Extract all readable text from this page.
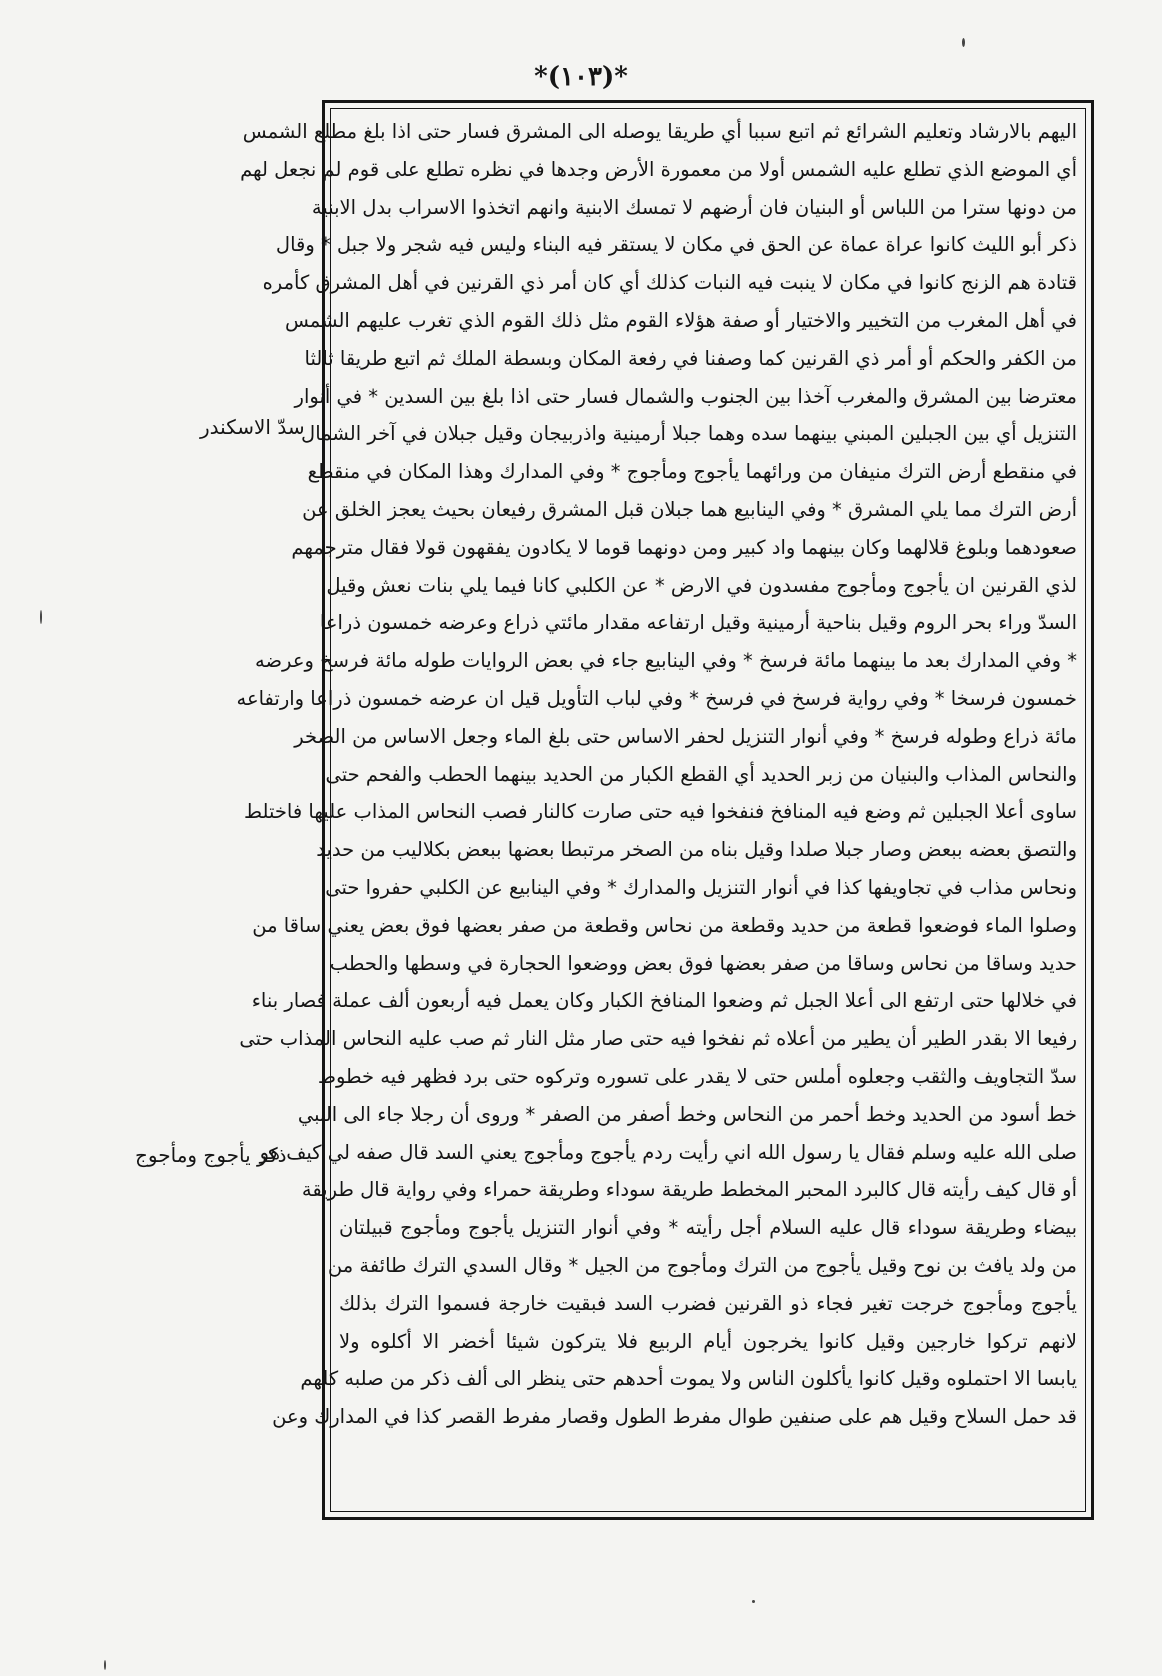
*(١٠٣)*
سدّ الاسكندر
ذكر يأجوج ومأجوج
اليهم بالارشاد وتعليم الشرائع ثم اتبع سببا أي طريقا يوصله الى المشرق فسار حتى اذا بلغ مطلع الشمس
أي الموضع الذي تطلع عليه الشمس أولا من معمورة الأرض وجدها في نظره تطلع على قوم لم نجعل لهم
من دونها سترا من اللباس أو البنيان فان أرضهم لا تمسك الابنية وانهم اتخذوا الاسراب بدل الابنية
ذكر أبو الليث كانوا عراة عماة عن الحق في مكان لا يستقر فيه البناء وليس فيه شجر ولا جبل * وقال
قتادة هم الزنج كانوا في مكان لا ينبت فيه النبات كذلك أي كان أمر ذي القرنين في أهل المشرق كأمره
في أهل المغرب من التخيير والاختيار أو صفة هؤلاء القوم مثل ذلك القوم الذي تغرب عليهم الشمس
من الكفر والحكم أو أمر ذي القرنين كما وصفنا في رفعة المكان وبسطة الملك ثم اتبع طريقا ثالثا
معترضا بين المشرق والمغرب آخذا بين الجنوب والشمال فسار حتى اذا بلغ بين السدين * في أنوار
التنزيل أي بين الجبلين المبني بينهما سده وهما جبلا أرمينية واذربيجان وقيل جبلان في آخر الشمال
في منقطع أرض الترك منيفان من ورائهما يأجوج ومأجوج * وفي المدارك وهذا المكان في منقطع
أرض الترك مما يلي المشرق * وفي الينابيع هما جبلان قبل المشرق رفيعان بحيث يعجز الخلق عن
صعودهما وبلوغ قلالهما وكان بينهما واد كبير ومن دونهما قوما لا يكادون يفقهون قولا فقال مترجمهم
لذي القرنين ان يأجوج ومأجوج مفسدون في الارض * عن الكلبي كانا فيما يلي بنات نعش وقيل
السدّ وراء بحر الروم وقيل بناحية أرمينية وقيل ارتفاعه مقدار مائتي ذراع وعرضه خمسون ذراعا
* وفي المدارك بعد ما بينهما مائة فرسخ * وفي الينابيع جاء في بعض الروايات طوله مائة فرسخ وعرضه
خمسون فرسخا * وفي رواية فرسخ في فرسخ * وفي لباب التأويل قيل ان عرضه خمسون ذراعا وارتفاعه
مائة ذراع وطوله فرسخ * وفي أنوار التنزيل لحفر الاساس حتى بلغ الماء وجعل الاساس من الصخر
والنحاس المذاب والبنيان من زبر الحديد أي القطع الكبار من الحديد بينهما الحطب والفحم حتى
ساوى أعلا الجبلين ثم وضع فيه المنافخ فنفخوا فيه حتى صارت كالنار فصب النحاس المذاب عليها فاختلط
والتصق بعضه ببعض وصار جبلا صلدا وقيل بناه من الصخر مرتبطا بعضها ببعض بكلاليب من حديد
ونحاس مذاب في تجاويفها كذا في أنوار التنزيل والمدارك * وفي الينابيع عن الكلبي حفروا حتى
وصلوا الماء فوضعوا قطعة من حديد وقطعة من نحاس وقطعة من صفر بعضها فوق بعض يعني ساقا من
حديد وساقا من نحاس وساقا من صفر بعضها فوق بعض ووضعوا الحجارة في وسطها والحطب
في خلالها حتى ارتفع الى أعلا الجبل ثم وضعوا المنافخ الكبار وكان يعمل فيه أربعون ألف عملة فصار بناء
رفيعا الا بقدر الطير أن يطير من أعلاه ثم نفخوا فيه حتى صار مثل النار ثم صب عليه النحاس المذاب حتى
سدّ التجاويف والثقب وجعلوه أملس حتى لا يقدر على تسوره وتركوه حتى برد فظهر فيه خطوط
خط أسود من الحديد وخط أحمر من النحاس وخط أصفر من الصفر * وروى أن رجلا جاء الى النبي
صلى الله عليه وسلم فقال يا رسول الله اني رأيت ردم يأجوج ومأجوج يعني السد قال صفه لي كيف هو
أو قال كيف رأيته قال كالبرد المحبر المخطط طريقة سوداء وطريقة حمراء وفي رواية قال طريقة
بيضاء وطريقة سوداء قال عليه السلام أجل رأيته * وفي أنوار التنزيل يأجوج ومأجوج قبيلتان
من ولد يافث بن نوح وقيل يأجوج من الترك ومأجوج من الجيل * وقال السدي الترك طائفة من
يأجوج ومأجوج خرجت تغير فجاء ذو القرنين فضرب السد فبقيت خارجة فسموا الترك بذلك
لانهم تركوا خارجين وقيل كانوا يخرجون أيام الربيع فلا يتركون شيئا أخضر الا أكلوه ولا
يابسا الا احتملوه وقيل كانوا يأكلون الناس ولا يموت أحدهم حتى ينظر الى ألف ذكر من صلبه كلهم
قد حمل السلاح وقيل هم على صنفين طوال مفرط الطول وقصار مفرط القصر كذا في المدارك وعن
